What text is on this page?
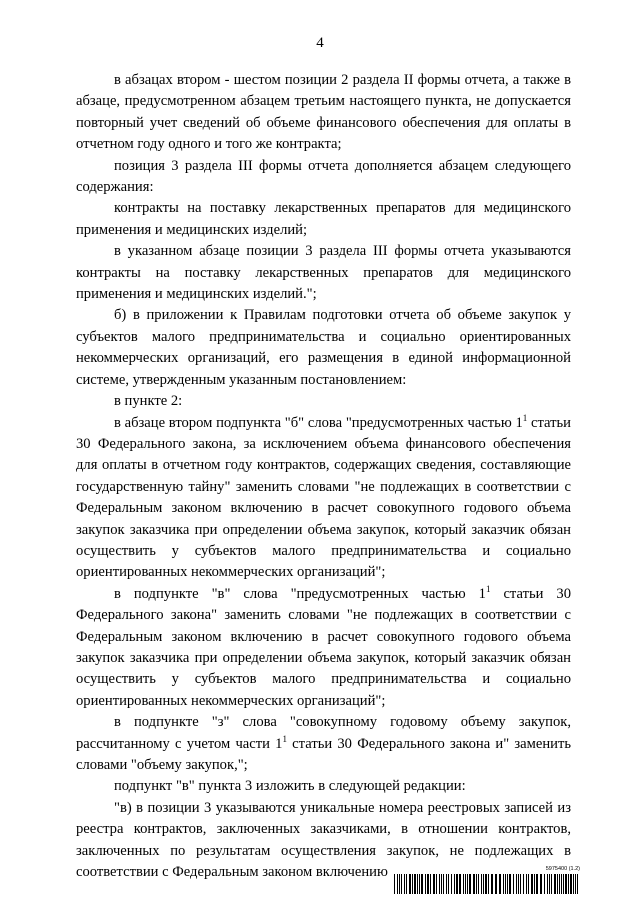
4

в абзацах втором - шестом позиции 2 раздела II формы отчета, а также в абзаце, предусмотренном абзацем третьим настоящего пункта, не допускается повторный учет сведений об объеме финансового обеспечения для оплаты в отчетном году одного и того же контракта;

позиция 3 раздела III формы отчета дополняется абзацем следующего содержания:

контракты на поставку лекарственных препаратов для медицинского применения и медицинских изделий;

в указанном абзаце позиции 3 раздела III формы отчета указываются контракты на поставку лекарственных препаратов для медицинского применения и медицинских изделий.";

б) в приложении к Правилам подготовки отчета об объеме закупок у субъектов малого предпринимательства и социально ориентированных некоммерческих организаций, его размещения в единой информационной системе, утвержденным указанным постановлением:

в пункте 2:

в абзаце втором подпункта "б" слова "предусмотренных частью $1^1$ статьи 30 Федерального закона, за исключением объема финансового обеспечения для оплаты в отчетном году контрактов, содержащих сведения, составляющие государственную тайну" заменить словами "не подлежащих в соответствии с Федеральным законом включению в расчет совокупного годового объема закупок заказчика при определении объема закупок, который заказчик обязан осуществить у субъектов малого предпринимательства и социально ориентированных некоммерческих организаций";

в подпункте "в" слова "предусмотренных частью $1^1$ статьи 30 Федерального закона" заменить словами "не подлежащих в соответствии с Федеральным законом включению в расчет совокупного годового объема закупок заказчика при определении объема закупок, который заказчик обязан осуществить у субъектов малого предпринимательства и социально ориентированных некоммерческих организаций";

в подпункте "з" слова "совокупному годовому объему закупок, рассчитанному с учетом части $1^1$ статьи 30 Федерального закона и" заменить словами "объему закупок,";

подпункт "в" пункта 3 изложить в следующей редакции:

"в) в позиции 3 указываются уникальные номера реестровых записей из реестра контрактов, заключенных заказчиками, в отношении контрактов, заключенных по результатам осуществления закупок, не подлежащих в соответствии с Федеральным законом включению	5975400 (1.2)
